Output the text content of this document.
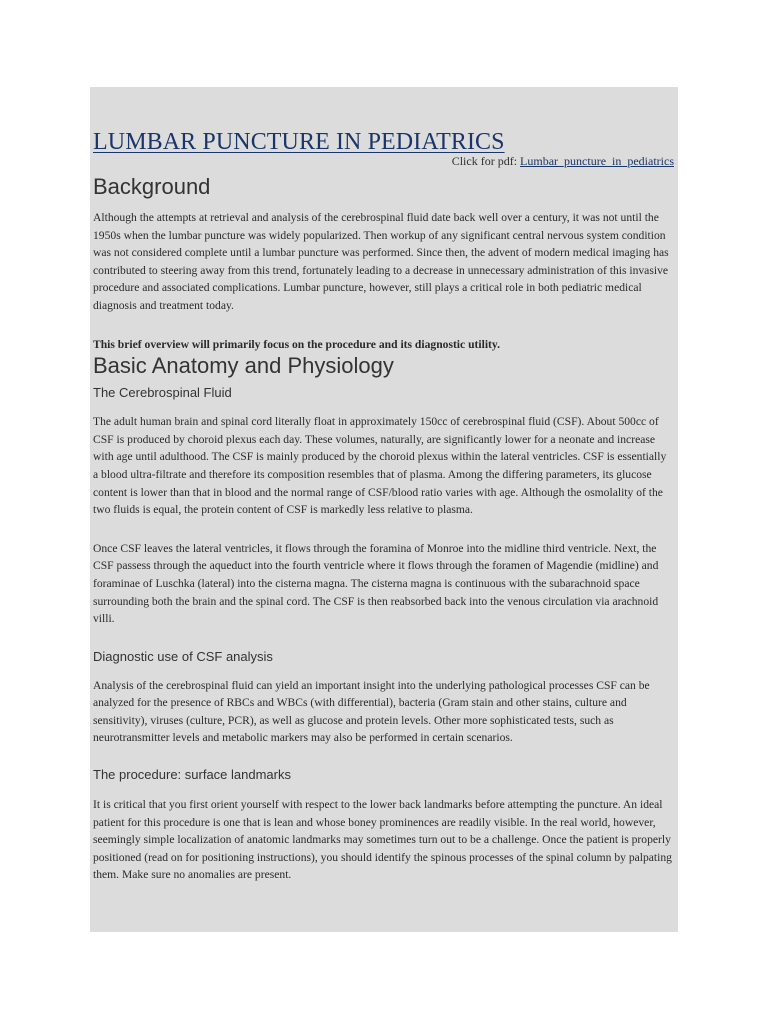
LUMBAR PUNCTURE IN PEDIATRICS
Click for pdf: Lumbar_puncture_in_pediatrics
Background

Although the attempts at retrieval and analysis of the cerebrospinal fluid date back well over a century, it was not until the 1950s when the lumbar puncture was widely popularized. Then workup of any significant central nervous system condition was not considered complete until a lumbar puncture was performed. Since then, the advent of modern medical imaging has contributed to steering away from this trend, fortunately leading to a decrease in unnecessary administration of this invasive procedure and associated complications. Lumbar puncture, however, still plays a critical role in both pediatric medical diagnosis and treatment today.

This brief overview will primarily focus on the procedure and its diagnostic utility.

Basic Anatomy and Physiology
The Cerebrospinal Fluid

The adult human brain and spinal cord literally float in approximately 150cc of cerebrospinal fluid (CSF). About 500cc of CSF is produced by choroid plexus each day. These volumes, naturally, are significantly lower for a neonate and increase with age until adulthood. The CSF is mainly produced by the choroid plexus within the lateral ventricles. CSF is essentially a blood ultra-filtrate and therefore its composition resembles that of plasma. Among the differing parameters, its glucose content is lower than that in blood and the normal range of CSF/blood ratio varies with age. Although the osmolality of the two fluids is equal, the protein content of CSF is markedly less relative to plasma.

Once CSF leaves the lateral ventricles, it flows through the foramina of Monroe into the midline third ventricle. Next, the CSF passess through the aqueduct into the fourth ventricle where it flows through the foramen of Magendie (midline) and foraminae of Luschka (lateral) into the cisterna magna. The cisterna magna is continuous with the subarachnoid space surrounding both the brain and the spinal cord. The CSF is then reabsorbed back into the venous circulation via arachnoid villi.

Diagnostic use of CSF analysis

Analysis of the cerebrospinal fluid can yield an important insight into the underlying pathological processes CSF can be analyzed for the presence of RBCs and WBCs (with differential), bacteria (Gram stain and other stains, culture and sensitivity), viruses (culture, PCR), as well as glucose and protein levels. Other more sophisticated tests, such as neurotransmitter levels and metabolic markers may also be performed in certain scenarios.

The procedure: surface landmarks

It is critical that you first orient yourself with respect to the lower back landmarks before attempting the puncture. An ideal patient for this procedure is one that is lean and whose boney prominences are readily visible. In the real world, however, seemingly simple localization of anatomic landmarks may sometimes turn out to be a challenge. Once the patient is properly positioned (read on for positioning instructions), you should identify the spinous processes of the spinal column by palpating them. Make sure no anomalies are present.
